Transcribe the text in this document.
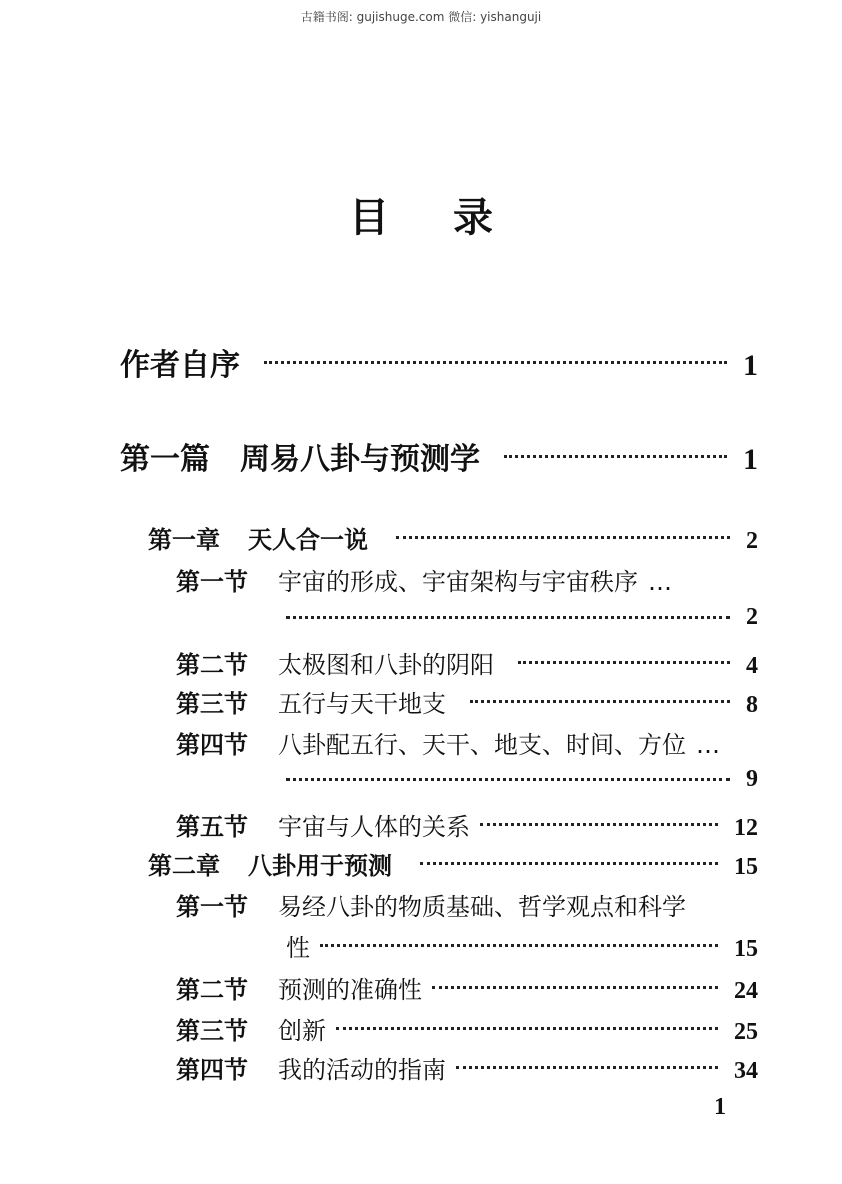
古籍书阁: gujishuge.com 微信: yishanguji
目录
作者自序	1
第一篇 周易八卦与预测学	1
第一章 天人合一说	2
第一节 宇宙的形成、宇宙架构与宇宙秩序 …
2
第二节 太极图和八卦的阴阳	4
第三节 五行与天干地支	8
第四节 八卦配五行、天干、地支、时间、方位 …
9
第五节 宇宙与人体的关系	12
第二章 八卦用于预测	15
第一节 易经八卦的物质基础、哲学观点和科学
性	15
第二节 预测的准确性	24
第三节 创新	25
第四节 我的活动的指南	34
1
